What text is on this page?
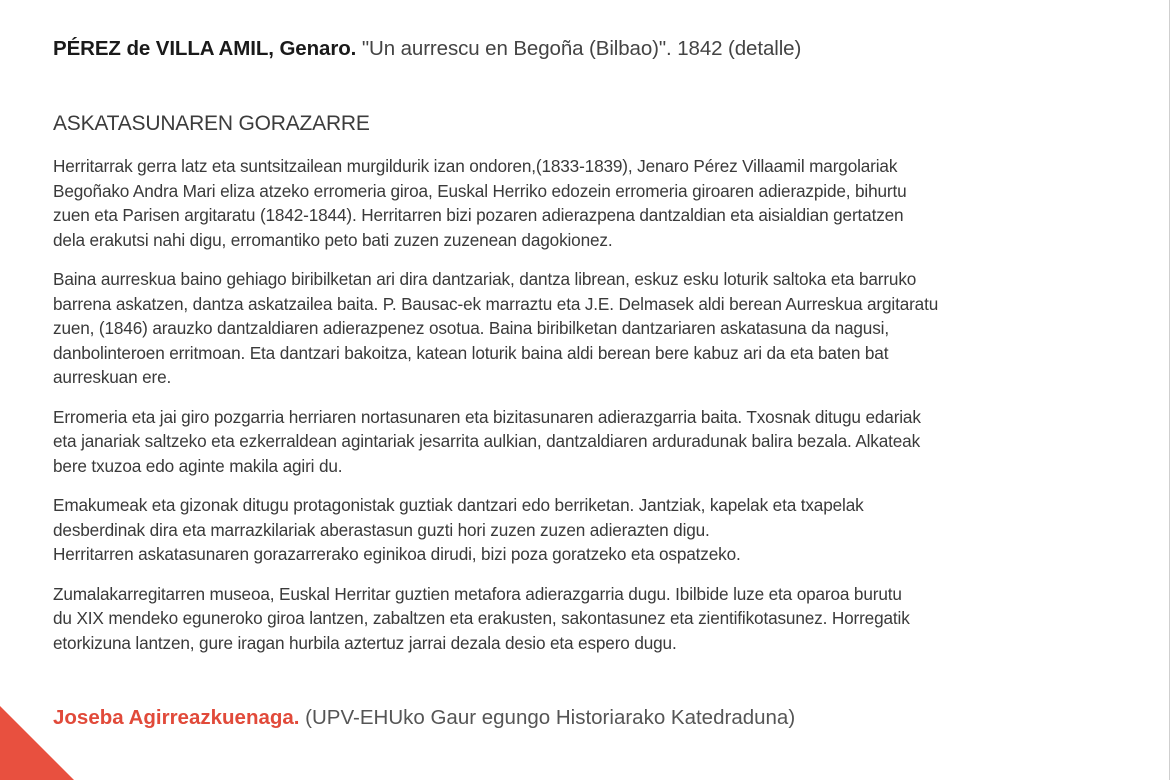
PÉREZ de VILLA AMIL, Genaro. "Un aurrescu en Begoña (Bilbao)". 1842 (detalle)
ASKATASUNAREN GORAZARRE

Herritarrak gerra latz eta suntsitzailean murgildurik izan ondoren,(1833-1839), Jenaro Pérez Villaamil margolariak
Begoñako Andra Mari eliza atzeko erromeria giroa, Euskal Herriko edozein erromeria giroaren adierazpide, bihurtu
zuen eta Parisen argitaratu (1842-1844). Herritarren bizi pozaren adierazpena dantzaldian eta aisialdian gertatzen
dela erakutsi nahi digu, erromantiko peto bati zuzen zuzenean dagokionez.

Baina aurreskua baino gehiago biribilketan ari dira dantzariak, dantza librean, eskuz esku loturik saltoka eta barruko
barrena askatzen, dantza askatzailea baita. P. Bausac-ek marraztu eta J.E. Delmasek aldi berean Aurreskua argitaratu
zuen, (1846) arauzko dantzaldiaren adierazpenez osotua. Baina biribilketan dantzariaren askatasuna da nagusi,
danbolinteroen erritmoan. Eta dantzari bakoitza, katean loturik baina aldi berean bere kabuz ari da eta baten bat
aurreskuan ere.

Erromeria eta jai giro pozgarria herriaren nortasunaren eta bizitasunaren adierazgarria baita. Txosnak ditugu edariak
eta janariak saltzeko eta ezkerraldean agintariak jesarrita aulkian, dantzaldiaren arduradunak balira bezala. Alkateak
bere txuzoa edo aginte makila agiri du.

Emakumeak eta gizonak ditugu protagonistak guztiak dantzari edo berriketan. Jantziak, kapelak eta txapelak
desberdinak dira eta marrazkilariak aberastasun guzti hori zuzen zuzen adierazten digu.
Herritarren askatasunaren gorazarrerako eginikoa dirudi, bizi poza goratzeko eta ospatzeko.

Zumalakarregitarren museoa, Euskal Herritar guztien metafora adierazgarria dugu. Ibilbide luze eta oparoa burutu
du XIX mendeko eguneroko giroa lantzen, zabaltzen eta erakusten, sakontasunez eta zientifikotasunez. Horregatik
etorkizuna lantzen, gure iragan hurbila aztertuz jarrai dezala desio eta espero dugu.

Joseba Agirreazkuenaga. (UPV-EHUko Gaur egungo Historiarako Katedraduna)
